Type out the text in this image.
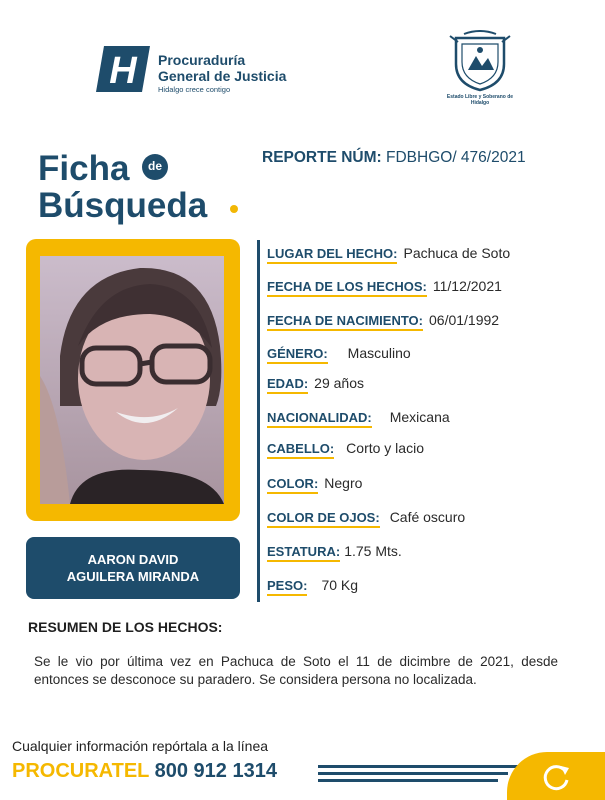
H Procuraduría
General de Justicia
Hidalgo crece contigo
Estado Libre y Soberano de Hidalgo
Ficha	de
Búsqueda
REPORTE NÚM: FDBHGO/ 476/2021
AARON DAVID
AGUILERA MIRANDA
LUGAR DEL HECHO: Pachuca de Soto
FECHA DE LOS HECHOS: 11/12/2021
FECHA DE NACIMIENTO: 06/01/1992
GÉNERO: Masculino
EDAD: 29 años
NACIONALIDAD: Mexicana
CABELLO: Corto y lacio
COLOR: Negro
COLOR DE OJOS: Café oscuro
ESTATURA: 1.75 Mts.
PESO: 70 Kg
RESUMEN DE LOS HECHOS:
Se le vio por última vez en Pachuca de Soto el 11 de dicimbre de 2021, desde entonces se desconoce su paradero. Se considera persona no localizada.
Cualquier información repórtala a la línea
PROCURATEL 800 912 1314
